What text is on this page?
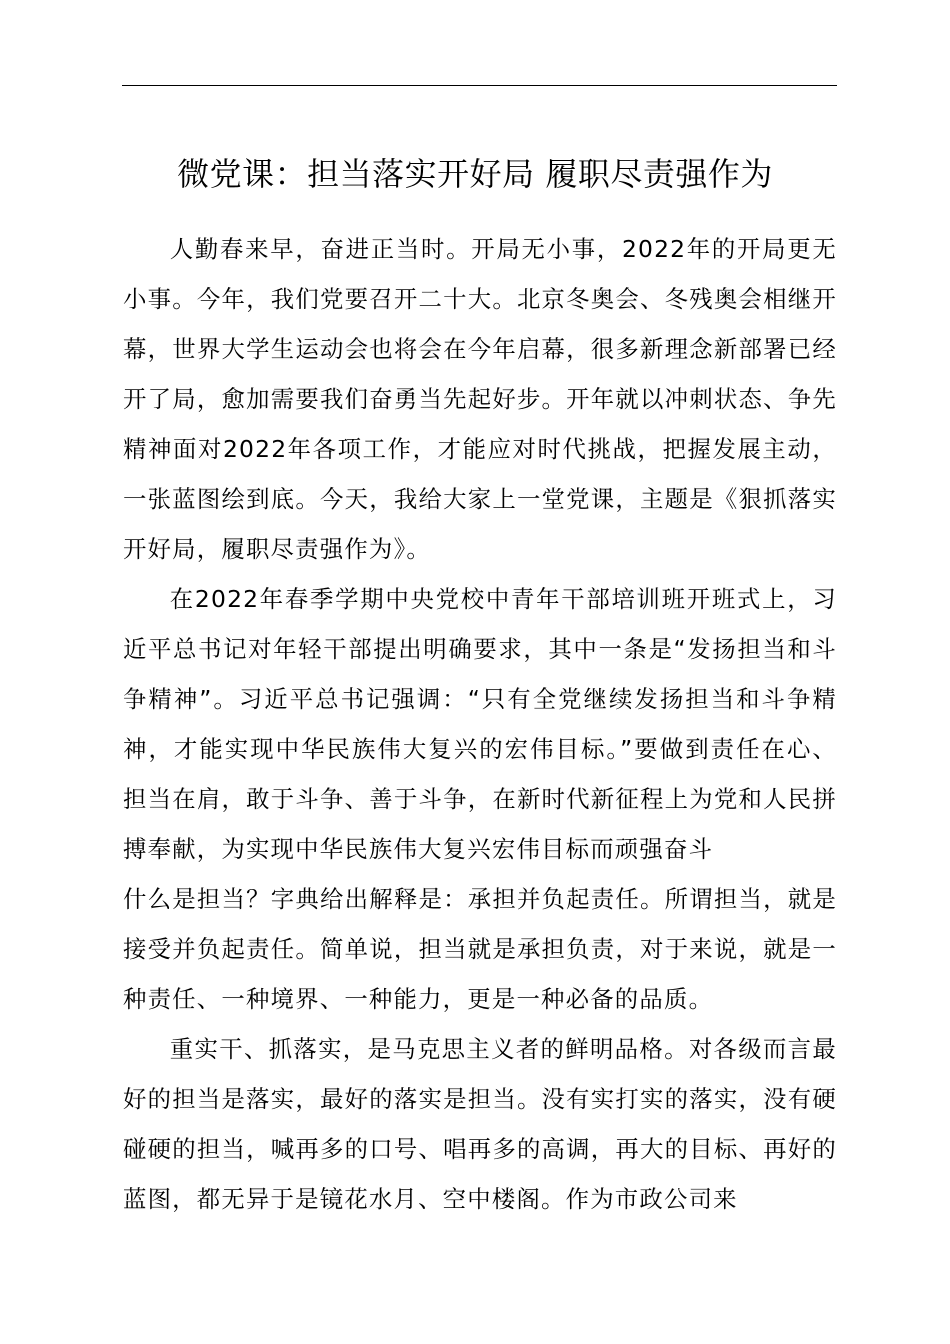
微党课：担当落实开好局 履职尽责强作为

人勤春来早，奋进正当时。开局无小事，2022年的开局更无小事。今年，我们党要召开二十大。北京冬奥会、冬残奥会相继开幕，世界大学生运动会也将会在今年启幕，很多新理念新部署已经开了局，愈加需要我们奋勇当先起好步。开年就以冲刺状态、争先精神面对2022年各项工作，才能应对时代挑战，把握发展主动，一张蓝图绘到底。今天，我给大家上一堂党课，主题是《狠抓落实开好局，履职尽责强作为》。

在2022年春季学期中央党校中青年干部培训班开班式上，习近平总书记对年轻干部提出明确要求，其中一条是“发扬担当和斗争精神”。习近平总书记强调：“只有全党继续发扬担当和斗争精神，才能实现中华民族伟大复兴的宏伟目标。”要做到责任在心、担当在肩，敢于斗争、善于斗争，在新时代新征程上为党和人民拼搏奉献，为实现中华民族伟大复兴宏伟目标而顽强奋斗

什么是担当？字典给出解释是：承担并负起责任。所谓担当，就是接受并负起责任。简单说，担当就是承担负责，对于来说，就是一种责任、一种境界、一种能力，更是一种必备的品质。

重实干、抓落实，是马克思主义者的鲜明品格。对各级而言最好的担当是落实，最好的落实是担当。没有实打实的落实，没有硬碰硬的担当，喊再多的口号、唱再多的高调，再大的目标、再好的蓝图，都无异于是镜花水月、空中楼阁。作为市政公司来
